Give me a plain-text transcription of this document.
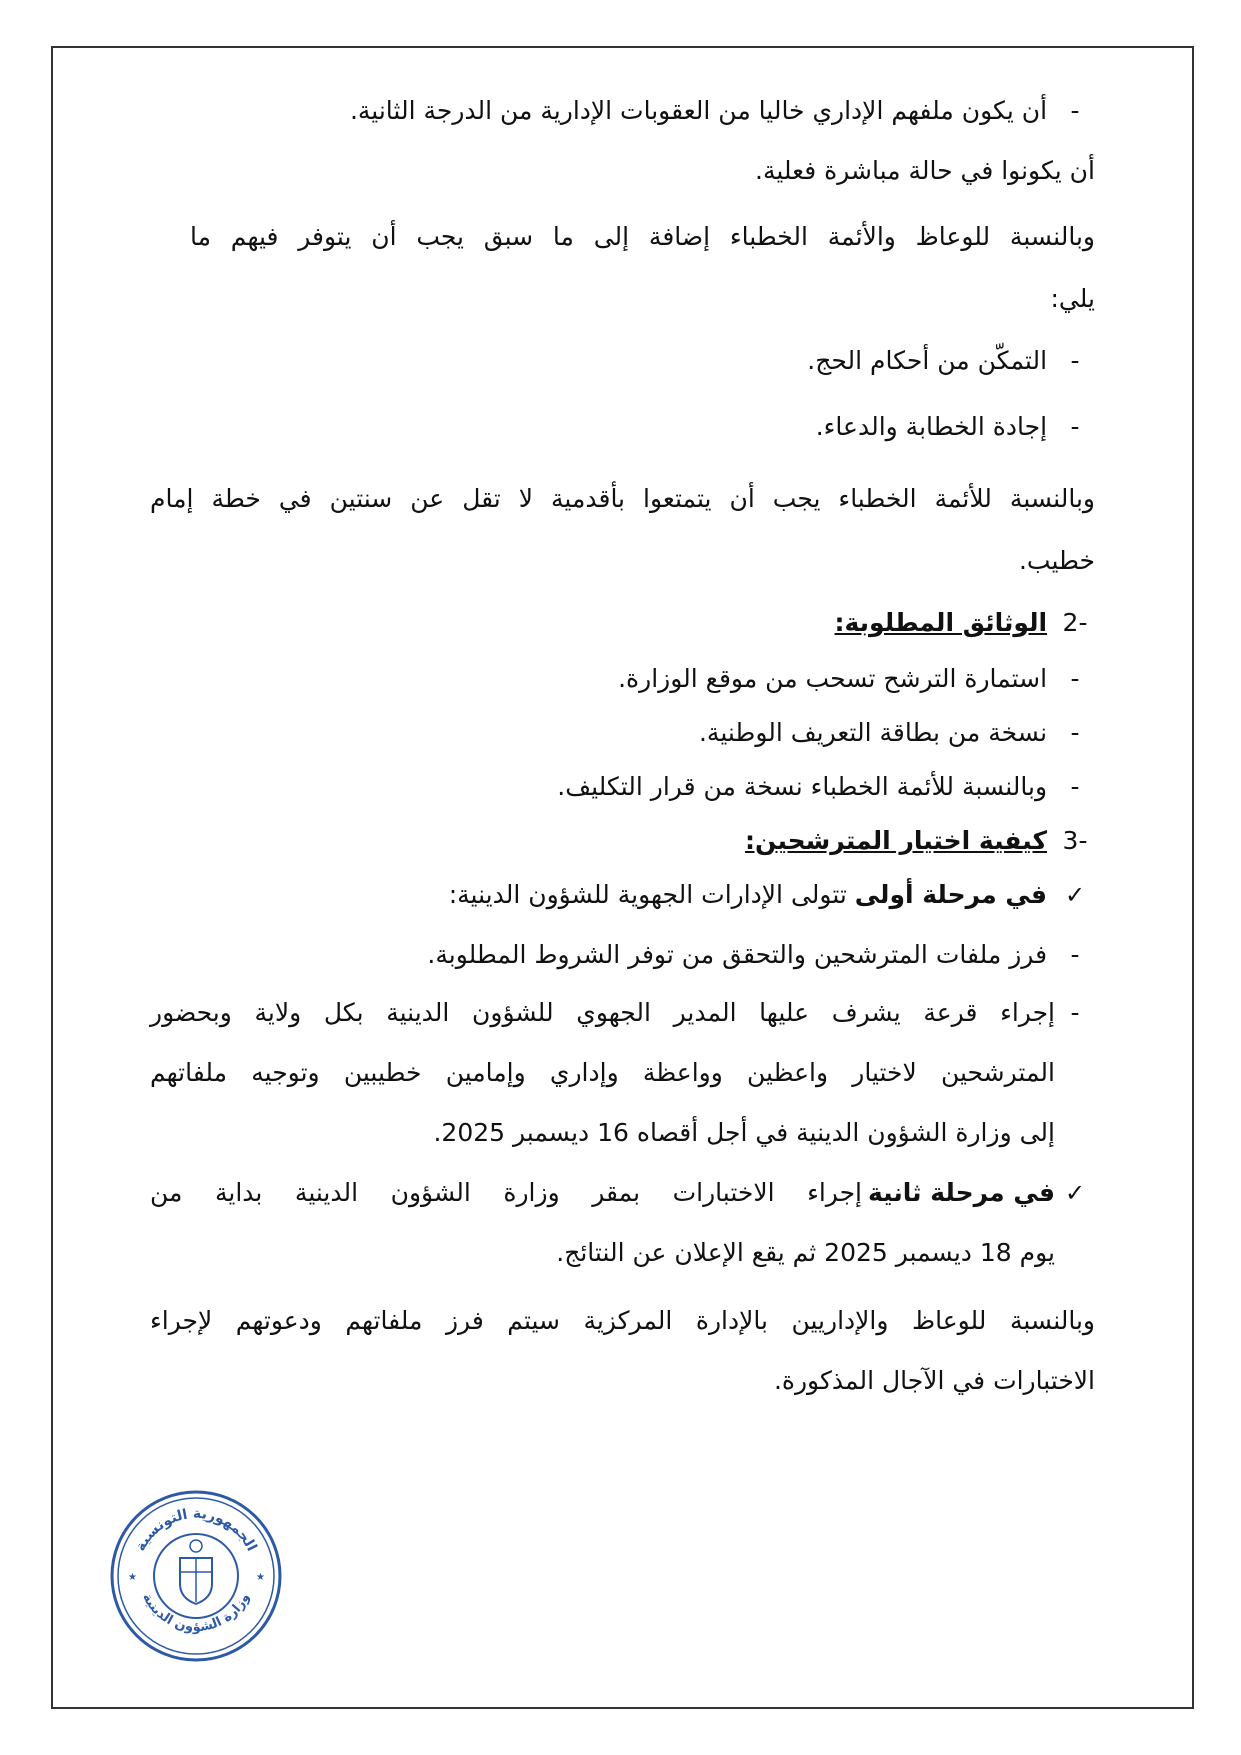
- أن يكون ملفهم الإداري خاليا من العقوبات الإدارية من الدرجة الثانية.
أن يكونوا في حالة مباشرة فعلية.
وبالنسبة للوعاظ والأئمة الخطباء إضافة إلى ما سبق يجب أن يتوفر فيهم ما
يلي:
- التمكّن من أحكام الحج.
- إجادة الخطابة والدعاء.
وبالنسبة للأئمة الخطباء يجب أن يتمتعوا بأقدمية لا تقل عن سنتين في خطة إمام
خطيب.
-2 الوثائق المطلوبة:
- استمارة الترشح تسحب من موقع الوزارة.
- نسخة من بطاقة التعريف الوطنية.
- وبالنسبة للأئمة الخطباء نسخة من قرار التكليف.
-3 كيفية اختيار المترشحين:
✓ في مرحلة أولى تتولى الإدارات الجهوية للشؤون الدينية:
- فرز ملفات المترشحين والتحقق من توفر الشروط المطلوبة.
-
إجراء قرعة يشرف عليها المدير الجهوي للشؤون الدينية بكل ولاية وبحضور
المترشحين لاختيار واعظين وواعظة وإداري وإمامين خطيبين وتوجيه ملفاتهم
إلى وزارة الشؤون الدينية في أجل أقصاه 16 ديسمبر 2025.
✓
في مرحلة ثانية
إجراء الاختبارات بمقر وزارة الشؤون الدينية بداية من
يوم 18 ديسمبر 2025 ثم يقع الإعلان عن النتائج.
وبالنسبة للوعاظ والإداريين بالإدارة المركزية سيتم فرز ملفاتهم ودعوتهم لإجراء
الاختبارات في الآجال المذكورة.
الجمهورية التونسية
وزارة الشؤون الدينية
★	★
